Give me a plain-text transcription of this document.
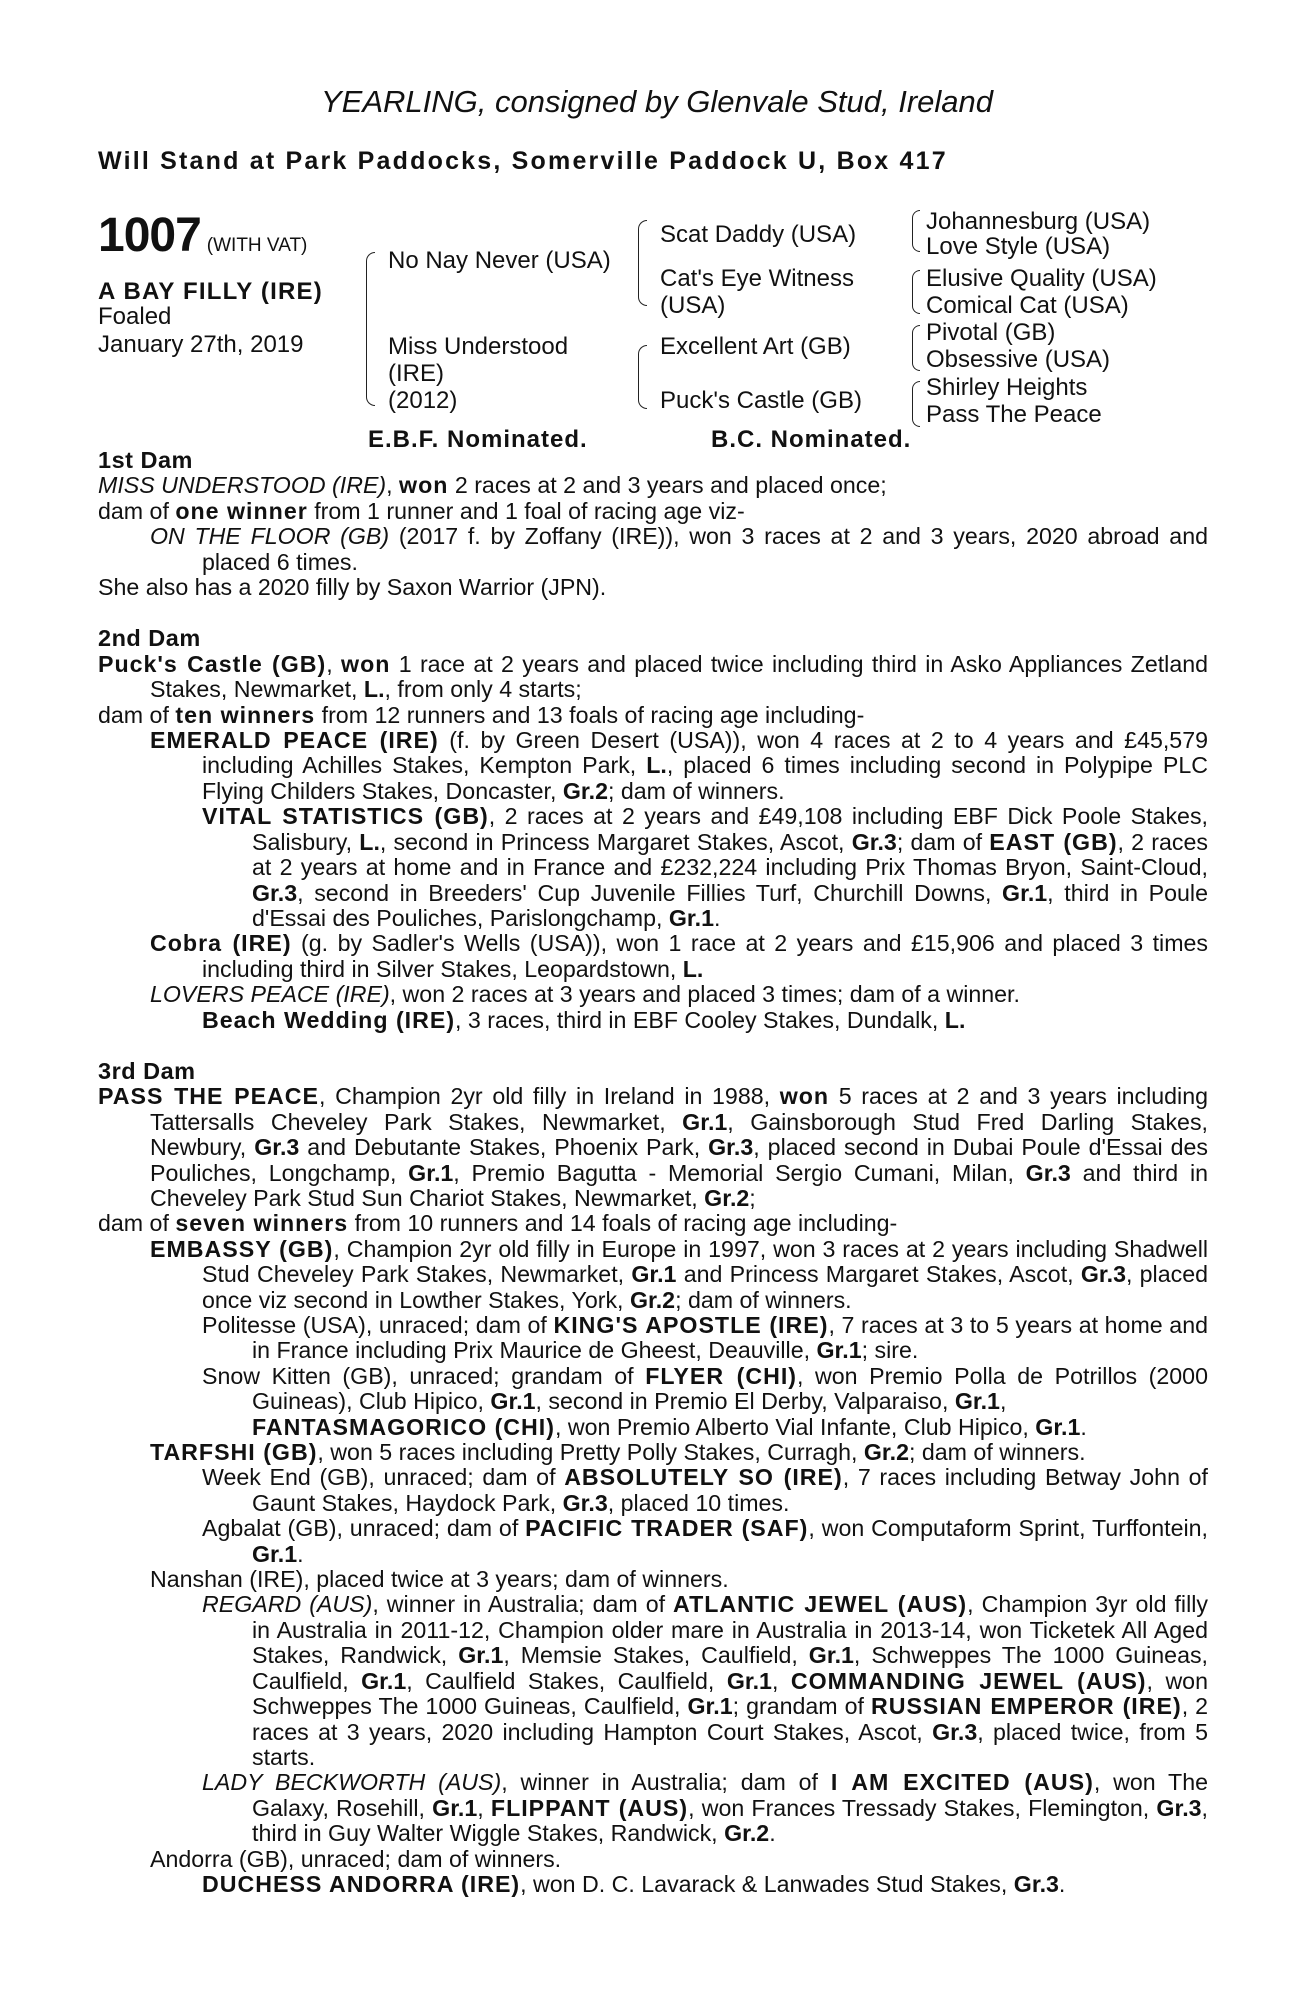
YEARLING, consigned by Glenvale Stud, Ireland
Will Stand at Park Paddocks, Somerville Paddock U, Box 417
1007 (WITH VAT)
A BAY FILLY (IRE)
Foaled
January 27th, 2019
No Nay Never (USA)
Miss Understood
(IRE)
(2012)
Scat Daddy (USA)
Cat's Eye Witness
(USA)
Excellent Art (GB)
Puck's Castle (GB)
Johannesburg (USA)
Love Style (USA)
Elusive Quality (USA)
Comical Cat (USA)
Pivotal (GB)
Obsessive (USA)
Shirley Heights
Pass The Peace
E.B.F. Nominated.	B.C. Nominated.

1st Dam

MISS UNDERSTOOD (IRE), won 2 races at 2 and 3 years and placed once;

dam of one winner from 1 runner and 1 foal of racing age viz-

ON THE FLOOR (GB) (2017 f. by Zoffany (IRE)), won 3 races at 2 and 3 years, 2020 abroad and placed 6 times.

She also has a 2020 filly by Saxon Warrior (JPN).

2nd Dam

Puck's Castle (GB), won 1 race at 2 years and placed twice including third in Asko Appliances Zetland Stakes, Newmarket, L., from only 4 starts;

dam of ten winners from 12 runners and 13 foals of racing age including-

EMERALD PEACE (IRE) (f. by Green Desert (USA)), won 4 races at 2 to 4 years and £45,579 including Achilles Stakes, Kempton Park, L., placed 6 times including second in Polypipe PLC Flying Childers Stakes, Doncaster, Gr.2; dam of winners.

VITAL STATISTICS (GB), 2 races at 2 years and £49,108 including EBF Dick Poole Stakes, Salisbury, L., second in Princess Margaret Stakes, Ascot, Gr.3; dam of EAST (GB), 2 races at 2 years at home and in France and £232,224 including Prix Thomas Bryon, Saint-Cloud, Gr.3, second in Breeders' Cup Juvenile Fillies Turf, Churchill Downs, Gr.1, third in Poule d'Essai des Pouliches, Parislongchamp, Gr.1.

Cobra (IRE) (g. by Sadler's Wells (USA)), won 1 race at 2 years and £15,906 and placed 3 times including third in Silver Stakes, Leopardstown, L.

LOVERS PEACE (IRE), won 2 races at 3 years and placed 3 times; dam of a winner.

Beach Wedding (IRE), 3 races, third in EBF Cooley Stakes, Dundalk, L.

3rd Dam

PASS THE PEACE, Champion 2yr old filly in Ireland in 1988, won 5 races at 2 and 3 years including Tattersalls Cheveley Park Stakes, Newmarket, Gr.1, Gainsborough Stud Fred Darling Stakes, Newbury, Gr.3 and Debutante Stakes, Phoenix Park, Gr.3, placed second in Dubai Poule d'Essai des Pouliches, Longchamp, Gr.1, Premio Bagutta - Memorial Sergio Cumani, Milan, Gr.3 and third in Cheveley Park Stud Sun Chariot Stakes, Newmarket, Gr.2;

dam of seven winners from 10 runners and 14 foals of racing age including-

EMBASSY (GB), Champion 2yr old filly in Europe in 1997, won 3 races at 2 years including Shadwell Stud Cheveley Park Stakes, Newmarket, Gr.1 and Princess Margaret Stakes, Ascot, Gr.3, placed once viz second in Lowther Stakes, York, Gr.2; dam of winners.

Politesse (USA), unraced; dam of KING'S APOSTLE (IRE), 7 races at 3 to 5 years at home and in France including Prix Maurice de Gheest, Deauville, Gr.1; sire.

Snow Kitten (GB), unraced; grandam of FLYER (CHI), won Premio Polla de Potrillos (2000 Guineas), Club Hipico, Gr.1, second in Premio El Derby, Valparaiso, Gr.1,

FANTASMAGORICO (CHI), won Premio Alberto Vial Infante, Club Hipico, Gr.1.

TARFSHI (GB), won 5 races including Pretty Polly Stakes, Curragh, Gr.2; dam of winners.

Week End (GB), unraced; dam of ABSOLUTELY SO (IRE), 7 races including Betway John of Gaunt Stakes, Haydock Park, Gr.3, placed 10 times.

Agbalat (GB), unraced; dam of PACIFIC TRADER (SAF), won Computaform Sprint, Turffontein, Gr.1.

Nanshan (IRE), placed twice at 3 years; dam of winners.

REGARD (AUS), winner in Australia; dam of ATLANTIC JEWEL (AUS), Champion 3yr old filly in Australia in 2011-12, Champion older mare in Australia in 2013-14, won Ticketek All Aged Stakes, Randwick, Gr.1, Memsie Stakes, Caulfield, Gr.1, Schweppes The 1000 Guineas, Caulfield, Gr.1, Caulfield Stakes, Caulfield, Gr.1, COMMANDING JEWEL (AUS), won Schweppes The 1000 Guineas, Caulfield, Gr.1; grandam of RUSSIAN EMPEROR (IRE), 2 races at 3 years, 2020 including Hampton Court Stakes, Ascot, Gr.3, placed twice, from 5 starts.

LADY BECKWORTH (AUS), winner in Australia; dam of I AM EXCITED (AUS), won The Galaxy, Rosehill, Gr.1, FLIPPANT (AUS), won Frances Tressady Stakes, Flemington, Gr.3, third in Guy Walter Wiggle Stakes, Randwick, Gr.2.

Andorra (GB), unraced; dam of winners.

DUCHESS ANDORRA (IRE), won D. C. Lavarack & Lanwades Stud Stakes, Gr.3.
